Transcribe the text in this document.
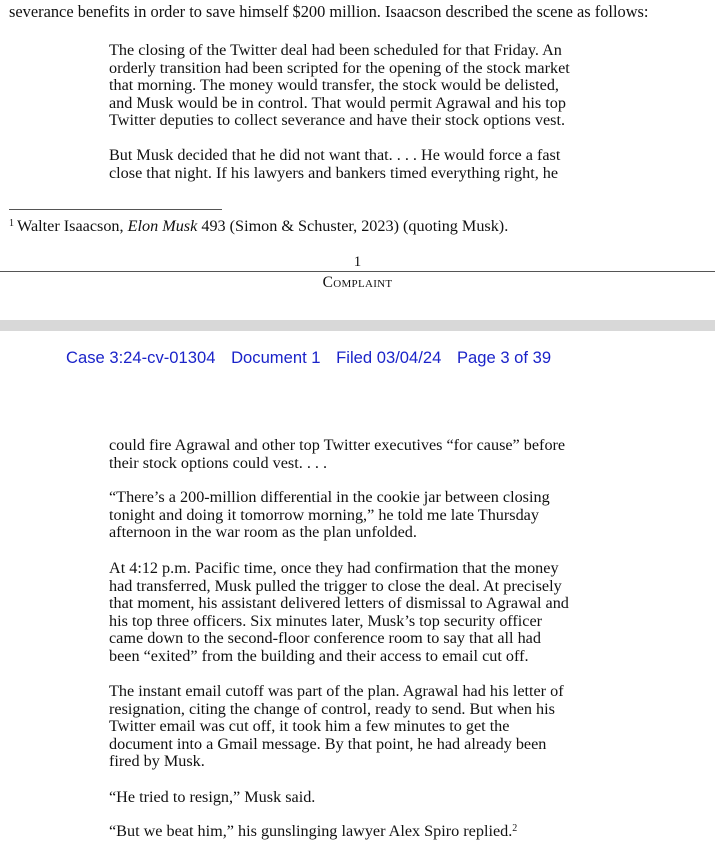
severance benefits in order to save himself $200 million. Isaacson described the scene as follows:

The closing of the Twitter deal had been scheduled for that Friday. An

orderly transition had been scripted for the opening of the stock market

that morning. The money would transfer, the stock would be delisted,

and Musk would be in control. That would permit Agrawal and his top

Twitter deputies to collect severance and have their stock options vest.

But Musk decided that he did not want that. . . . He would force a fast

close that night. If his lawyers and bankers timed everything right, he

$^1$ Walter Isaacson, Elon Musk 493 (Simon & Schuster, 2023) (quoting Musk).
1
Complaint
Case 3:24-cv-01304 Document 1 Filed 03/04/24 Page 3 of 39

could fire Agrawal and other top Twitter executives “for cause” before

their stock options could vest. . . .

“There’s a 200-million differential in the cookie jar between closing

tonight and doing it tomorrow morning,” he told me late Thursday

afternoon in the war room as the plan unfolded.

At 4:12 p.m. Pacific time, once they had confirmation that the money

had transferred, Musk pulled the trigger to close the deal. At precisely

that moment, his assistant delivered letters of dismissal to Agrawal and

his top three officers. Six minutes later, Musk’s top security officer

came down to the second-floor conference room to say that all had

been “exited” from the building and their access to email cut off.

The instant email cutoff was part of the plan. Agrawal had his letter of

resignation, citing the change of control, ready to send. But when his

Twitter email was cut off, it took him a few minutes to get the

document into a Gmail message. By that point, he had already been

fired by Musk.

“He tried to resign,” Musk said.

“But we beat him,” his gunslinging lawyer Alex Spiro replied.$^2$
